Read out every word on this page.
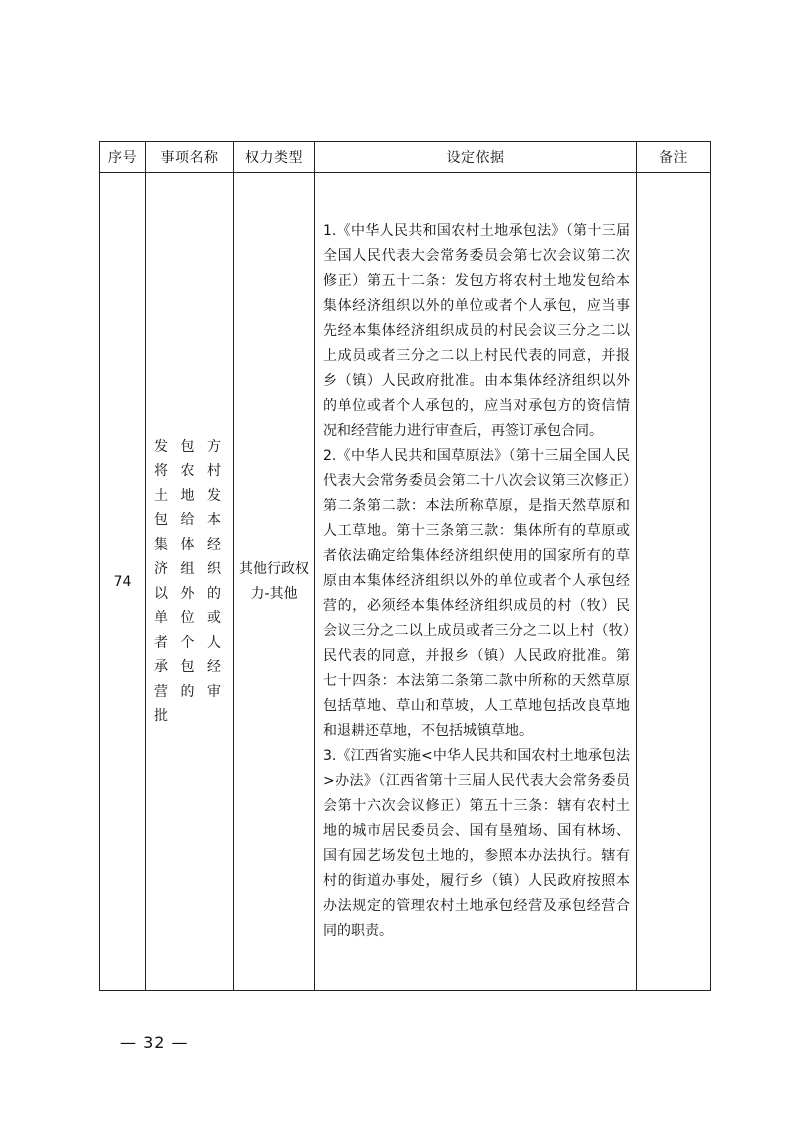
序号	事项名称	权力类型	设定依据	备注
74	发包方将农村土地发包给本集体经济组织以外的单位或者个人承包经营的审批	其他行政权力-其他	1.《中华人民共和国农村土地承包法》（第十三届全国人民代表大会常务委员会第七次会议第二次修正）第五十二条：发包方将农村土地发包给本集体经济组织以外的单位或者个人承包，应当事先经本集体经济组织成员的村民会议三分之二以上成员或者三分之二以上村民代表的同意，并报乡（镇）人民政府批准。由本集体经济组织以外的单位或者个人承包的，应当对承包方的资信情况和经营能力进行审查后，再签订承包合同。
2.《中华人民共和国草原法》（第十三届全国人民代表大会常务委员会第二十八次会议第三次修正）第二条第二款：本法所称草原，是指天然草原和人工草地。第十三条第三款：集体所有的草原或者依法确定给集体经济组织使用的国家所有的草原由本集体经济组织以外的单位或者个人承包经营的，必须经本集体经济组织成员的村（牧）民会议三分之二以上成员或者三分之二以上村（牧）民代表的同意，并报乡（镇）人民政府批准。第七十四条：本法第二条第二款中所称的天然草原包括草地、草山和草坡，人工草地包括改良草地和退耕还草地，不包括城镇草地。
3.《江西省实施<中华人民共和国农村土地承包法>办法》（江西省第十三届人民代表大会常务委员会第十六次会议修正）第五十三条：辖有农村土地的城市居民委员会、国有垦殖场、国有林场、国有园艺场发包土地的，参照本办法执行。辖有村的街道办事处，履行乡（镇）人民政府按照本办法规定的管理农村土地承包经营及承包经营合同的职责。	

— 32 —
